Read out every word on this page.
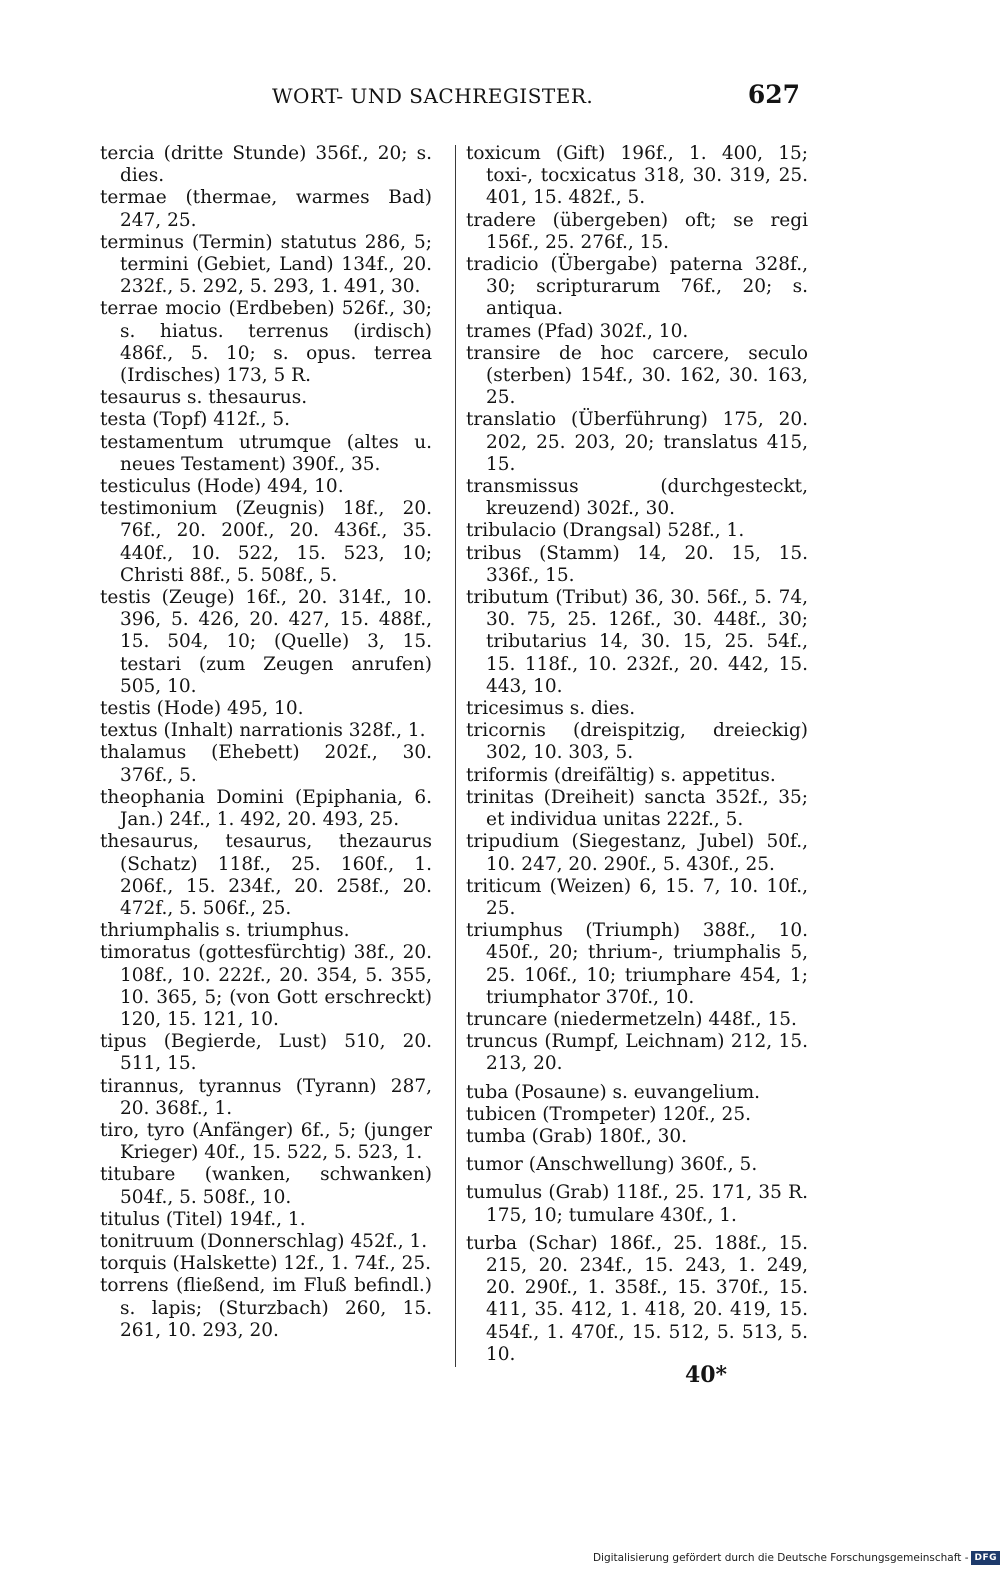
WORT- UND SACHREGISTER.	627
tercia (dritte Stunde) 356f., 20; s. dies.
termae (thermae, warmes Bad) 247, 25.
terminus (Termin) statutus 286, 5; termini (Gebiet, Land) 134f., 20. 232f., 5. 292, 5. 293, 1. 491, 30.
terrae mocio (Erdbeben) 526f., 30; s. hiatus. terrenus (irdisch) 486f., 5. 10; s. opus. terrea (Irdisches) 173, 5 R.
tesaurus s. thesaurus.
testa (Topf) 412f., 5.
testamentum utrumque (altes u. neues Testament) 390f., 35.
testiculus (Hode) 494, 10.
testimonium (Zeugnis) 18f., 20. 76f., 20. 200f., 20. 436f., 35. 440f., 10. 522, 15. 523, 10; Christi 88f., 5. 508f., 5.
testis (Zeuge) 16f., 20. 314f., 10. 396, 5. 426, 20. 427, 15. 488f., 15. 504, 10; (Quelle) 3, 15. testari (zum Zeugen anrufen) 505, 10.
testis (Hode) 495, 10.
textus (Inhalt) narrationis 328f., 1.
thalamus (Ehebett) 202f., 30. 376f., 5.
theophania Domini (Epiphania, 6. Jan.) 24f., 1. 492, 20. 493, 25.
thesaurus, tesaurus, thezaurus (Schatz) 118f., 25. 160f., 1. 206f., 15. 234f., 20. 258f., 20. 472f., 5. 506f., 25.
thriumphalis s. triumphus.
timoratus (gottesfürchtig) 38f., 20. 108f., 10. 222f., 20. 354, 5. 355, 10. 365, 5; (von Gott erschreckt) 120, 15. 121, 10.
tipus (Begierde, Lust) 510, 20. 511, 15.
tirannus, tyrannus (Tyrann) 287, 20. 368f., 1.
tiro, tyro (Anfänger) 6f., 5; (junger Krieger) 40f., 15. 522, 5. 523, 1.
titubare (wanken, schwanken) 504f., 5. 508f., 10.
titulus (Titel) 194f., 1.
tonitruum (Donnerschlag) 452f., 1.
torquis (Halskette) 12f., 1. 74f., 25.
torrens (fließend, im Fluß befindl.) s. lapis; (Sturzbach) 260, 15. 261, 10. 293, 20.
toxicum (Gift) 196f., 1. 400, 15; toxi-, tocxicatus 318, 30. 319, 25. 401, 15. 482f., 5.
tradere (übergeben) oft; se regi 156f., 25. 276f., 15.
tradicio (Übergabe) paterna 328f., 30; scripturarum 76f., 20; s. antiqua.
trames (Pfad) 302f., 10.
transire de hoc carcere, seculo (sterben) 154f., 30. 162, 30. 163, 25.
translatio (Überführung) 175, 20. 202, 25. 203, 20; translatus 415, 15.
transmissus (durchgesteckt, kreuzend) 302f., 30.
tribulacio (Drangsal) 528f., 1.
tribus (Stamm) 14, 20. 15, 15. 336f., 15.
tributum (Tribut) 36, 30. 56f., 5. 74, 30. 75, 25. 126f., 30. 448f., 30; tributarius 14, 30. 15, 25. 54f., 15. 118f., 10. 232f., 20. 442, 15. 443, 10.
tricesimus s. dies.
tricornis (dreispitzig, dreieckig) 302, 10. 303, 5.
triformis (dreifältig) s. appetitus.
trinitas (Dreiheit) sancta 352f., 35; et individua unitas 222f., 5.
tripudium (Siegestanz, Jubel) 50f., 10. 247, 20. 290f., 5. 430f., 25.
triticum (Weizen) 6, 15. 7, 10. 10f., 25.
triumphus (Triumph) 388f., 10. 450f., 20; thrium-, triumphalis 5, 25. 106f., 10; triumphare 454, 1; triumphator 370f., 10.
truncare (niedermetzeln) 448f., 15.
truncus (Rumpf, Leichnam) 212, 15. 213, 20.
tuba (Posaune) s. euvangelium.
tubicen (Trompeter) 120f., 25.
tumba (Grab) 180f., 30.
tumor (Anschwellung) 360f., 5.
tumulus (Grab) 118f., 25. 171, 35 R. 175, 10; tumulare 430f., 1.
turba (Schar) 186f., 25. 188f., 15. 215, 20. 234f., 15. 243, 1. 249, 20. 290f., 1. 358f., 15. 370f., 15. 411, 35. 412, 1. 418, 20. 419, 15. 454f., 1. 470f., 15. 512, 5. 513, 5. 10.
40*
Digitalisierung gefördert durch die Deutsche Forschungsgemeinschaft - DFG
